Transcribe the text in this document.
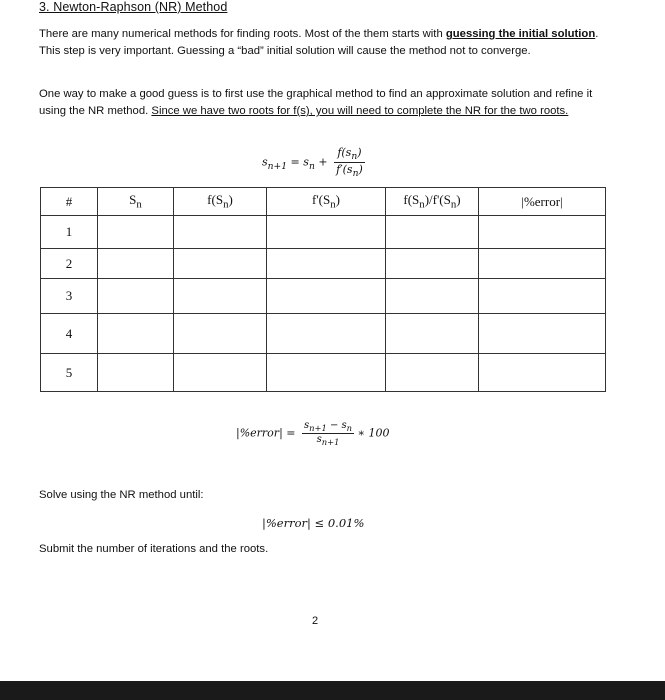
3. Newton-Raphson (NR) Method
There are many numerical methods for finding roots. Most of the them starts with guessing the initial solution. This step is very important. Guessing a “bad” initial solution will cause the method not to converge.
One way to make a good guess is to first use the graphical method to find an approximate solution and refine it using the NR method. Since we have two roots for f(s), you will need to complete the NR for the two roots.
$s_{n+1} = s_n + \frac{f(s_n)}{f'(s_n)}$
#	$S_n$	$f(S_n)$	$f'(S_n)$	$f(S_n)/f'(S_n)$	|%error|
1					
2					
3					
4					
5					
|%error| = $\frac{s_{n+1} - s_n}{s_{n+1}}$ ∗ 100
Solve using the NR method until:
|%error| ≤ 0.01%
Submit the number of iterations and the roots.
2
